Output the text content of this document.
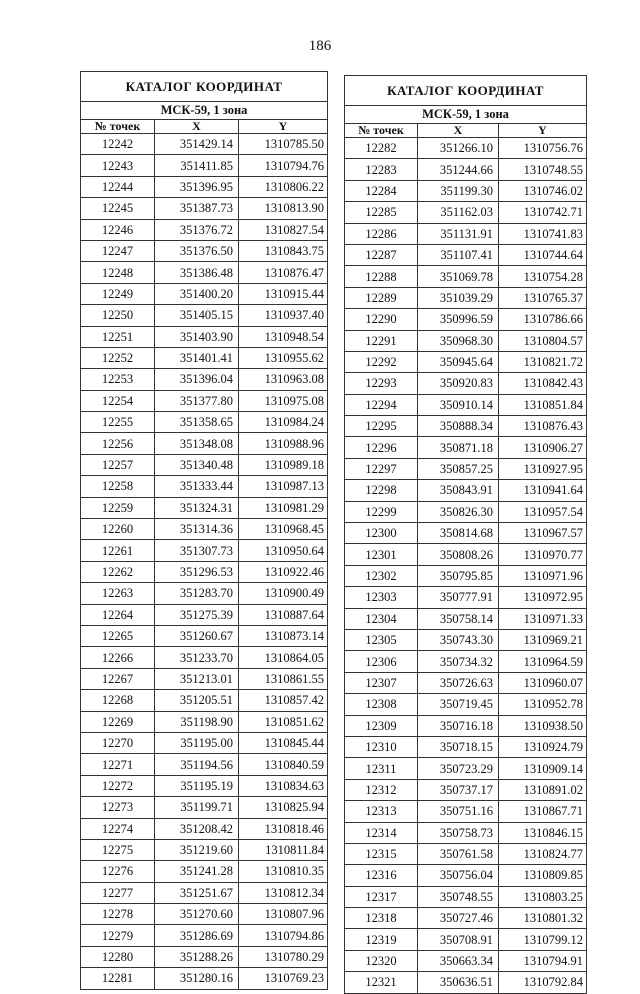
186
КАТАЛОГ КООРДИНАТ		
МСК-59, 1 зона		
№ точек	X	Y
12242	351429.14	1310785.50
12243	351411.85	1310794.76
12244	351396.95	1310806.22
12245	351387.73	1310813.90
12246	351376.72	1310827.54
12247	351376.50	1310843.75
12248	351386.48	1310876.47
12249	351400.20	1310915.44
12250	351405.15	1310937.40
12251	351403.90	1310948.54
12252	351401.41	1310955.62
12253	351396.04	1310963.08
12254	351377.80	1310975.08
12255	351358.65	1310984.24
12256	351348.08	1310988.96
12257	351340.48	1310989.18
12258	351333.44	1310987.13
12259	351324.31	1310981.29
12260	351314.36	1310968.45
12261	351307.73	1310950.64
12262	351296.53	1310922.46
12263	351283.70	1310900.49
12264	351275.39	1310887.64
12265	351260.67	1310873.14
12266	351233.70	1310864.05
12267	351213.01	1310861.55
12268	351205.51	1310857.42
12269	351198.90	1310851.62
12270	351195.00	1310845.44
12271	351194.56	1310840.59
12272	351195.19	1310834.63
12273	351199.71	1310825.94
12274	351208.42	1310818.46
12275	351219.60	1310811.84
12276	351241.28	1310810.35
12277	351251.67	1310812.34
12278	351270.60	1310807.96
12279	351286.69	1310794.86
12280	351288.26	1310780.29
12281	351280.16	1310769.23
КАТАЛОГ КООРДИНАТ		
МСК-59, 1 зона		
№ точек	X	Y
12282	351266.10	1310756.76
12283	351244.66	1310748.55
12284	351199.30	1310746.02
12285	351162.03	1310742.71
12286	351131.91	1310741.83
12287	351107.41	1310744.64
12288	351069.78	1310754.28
12289	351039.29	1310765.37
12290	350996.59	1310786.66
12291	350968.30	1310804.57
12292	350945.64	1310821.72
12293	350920.83	1310842.43
12294	350910.14	1310851.84
12295	350888.34	1310876.43
12296	350871.18	1310906.27
12297	350857.25	1310927.95
12298	350843.91	1310941.64
12299	350826.30	1310957.54
12300	350814.68	1310967.57
12301	350808.26	1310970.77
12302	350795.85	1310971.96
12303	350777.91	1310972.95
12304	350758.14	1310971.33
12305	350743.30	1310969.21
12306	350734.32	1310964.59
12307	350726.63	1310960.07
12308	350719.45	1310952.78
12309	350716.18	1310938.50
12310	350718.15	1310924.79
12311	350723.29	1310909.14
12312	350737.17	1310891.02
12313	350751.16	1310867.71
12314	350758.73	1310846.15
12315	350761.58	1310824.77
12316	350756.04	1310809.85
12317	350748.55	1310803.25
12318	350727.46	1310801.32
12319	350708.91	1310799.12
12320	350663.34	1310794.91
12321	350636.51	1310792.84
